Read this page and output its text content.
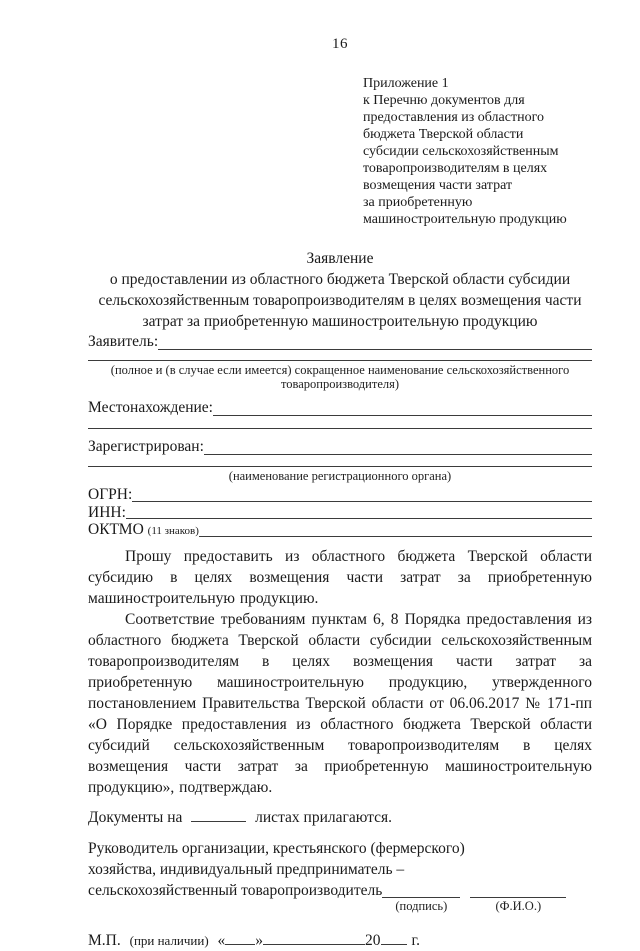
16
Приложение 1
к Перечню документов для
предоставления из областного
бюджета Тверской области
субсидии сельскохозяйственным
товаропроизводителям в целях
возмещения части затрат
за приобретенную
машиностроительную продукцию
Заявление
о предоставлении из областного бюджета Тверской области субсидии
сельскохозяйственным товаропроизводителям в целях возмещения части
затрат за приобретенную машиностроительную продукцию
Заявитель:
(полное и (в случае если имеется) сокращенное наименование сельскохозяйственного
товаропроизводителя)
Местонахождение:
Зарегистрирован:
(наименование регистрационного органа)
ОГРН:
ИНН:
ОКТМО (11 знаков)
Прошу предоставить из областного бюджета Тверской области субсидию в целях возмещения части затрат за приобретенную машиностроительную продукцию.
Соответствие требованиям пунктам 6, 8 Порядка предоставления из областного бюджета Тверской области субсидии сельскохозяйственным товаропроизводителям в целях возмещения части затрат за приобретенную машиностроительную продукцию, утвержденного постановлением Правительства Тверской области от 06.06.2017 № 171-пп «О Порядке предоставления из областного бюджета Тверской области субсидий сельскохозяйственным товаропроизводителям в целях возмещения части затрат за приобретенную машиностроительную продукцию», подтверждаю.
Документы на	листах прилагаются.
Руководитель организации, крестьянского (фермерского)
хозяйства, индивидуальный предприниматель –
сельскохозяйственный товаропроизводитель
(подпись)	(Ф.И.О.)
М.П. (при наличии) « »	20 г.
